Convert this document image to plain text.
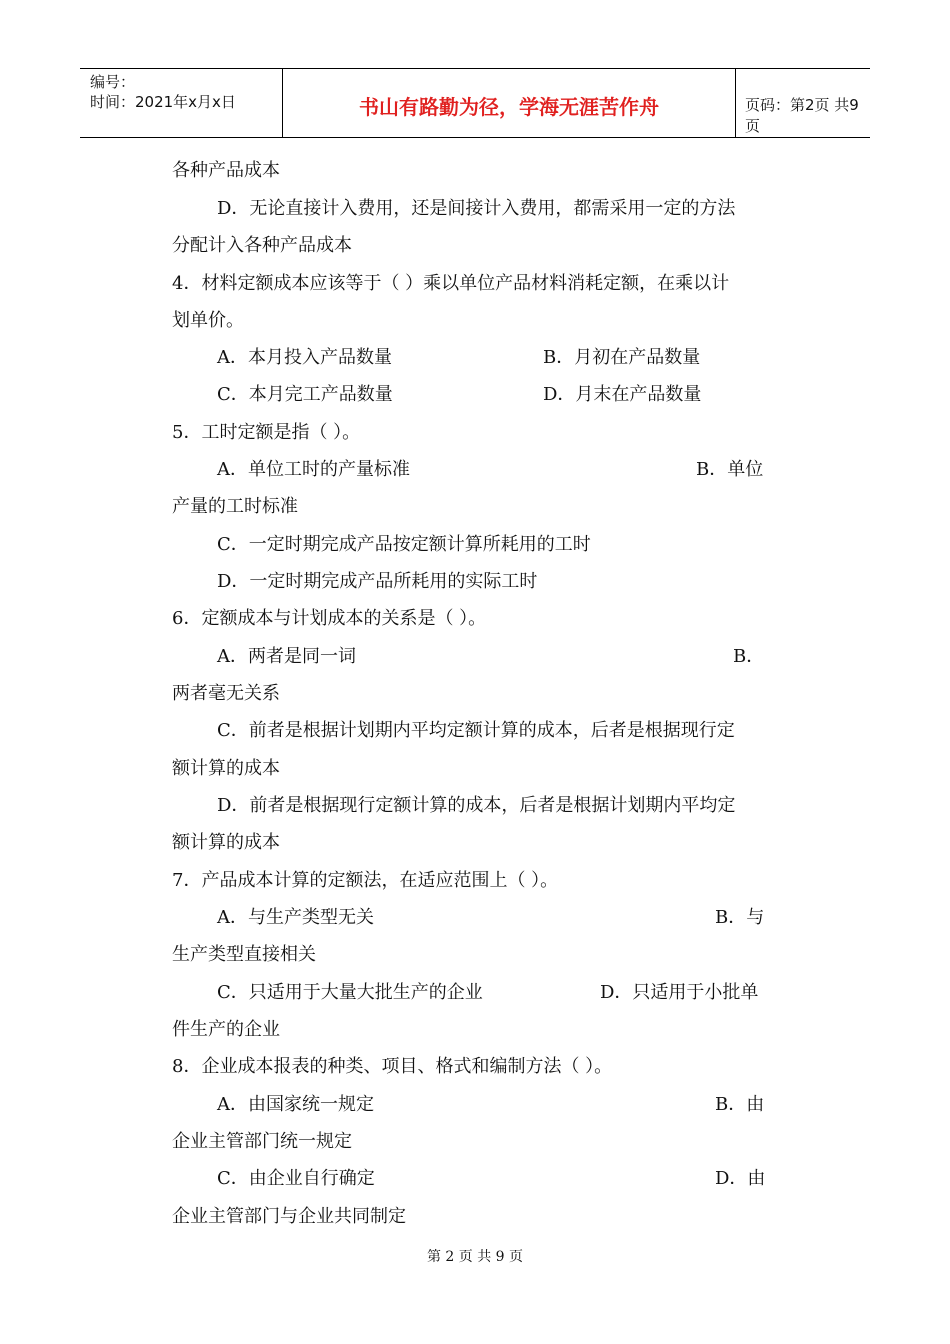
编号：
时间：2021年x月x日	书山有路勤为径，学海无涯苦作舟	页码：第2页 共9页
各种产品成本
D．无论直接计入费用，还是间接计入费用，都需采用一定的方法
分配计入各种产品成本
4．材料定额成本应该等于（ ）乘以单位产品材料消耗定额，在乘以计
划单价。
A．本月投入产品数量	B．月初在产品数量
C．本月完工产品数量	D．月末在产品数量
5．工时定额是指（ ）。
A．单位工时的产量标准	B．单位
产量的工时标准
C．一定时期完成产品按定额计算所耗用的工时
D．一定时期完成产品所耗用的实际工时
6．定额成本与计划成本的关系是（ ）。
A．两者是同一词	B．
两者毫无关系
C．前者是根据计划期内平均定额计算的成本，后者是根据现行定
额计算的成本
D．前者是根据现行定额计算的成本，后者是根据计划期内平均定
额计算的成本
7．产品成本计算的定额法，在适应范围上（ ）。
A．与生产类型无关	B．与
生产类型直接相关
C．只适用于大量大批生产的企业	D．只适用于小批单
件生产的企业
8．企业成本报表的种类、项目、格式和编制方法（ ）。
A．由国家统一规定	B．由
企业主管部门统一规定
C．由企业自行确定	D．由
企业主管部门与企业共同制定
第 2 页 共 9 页
